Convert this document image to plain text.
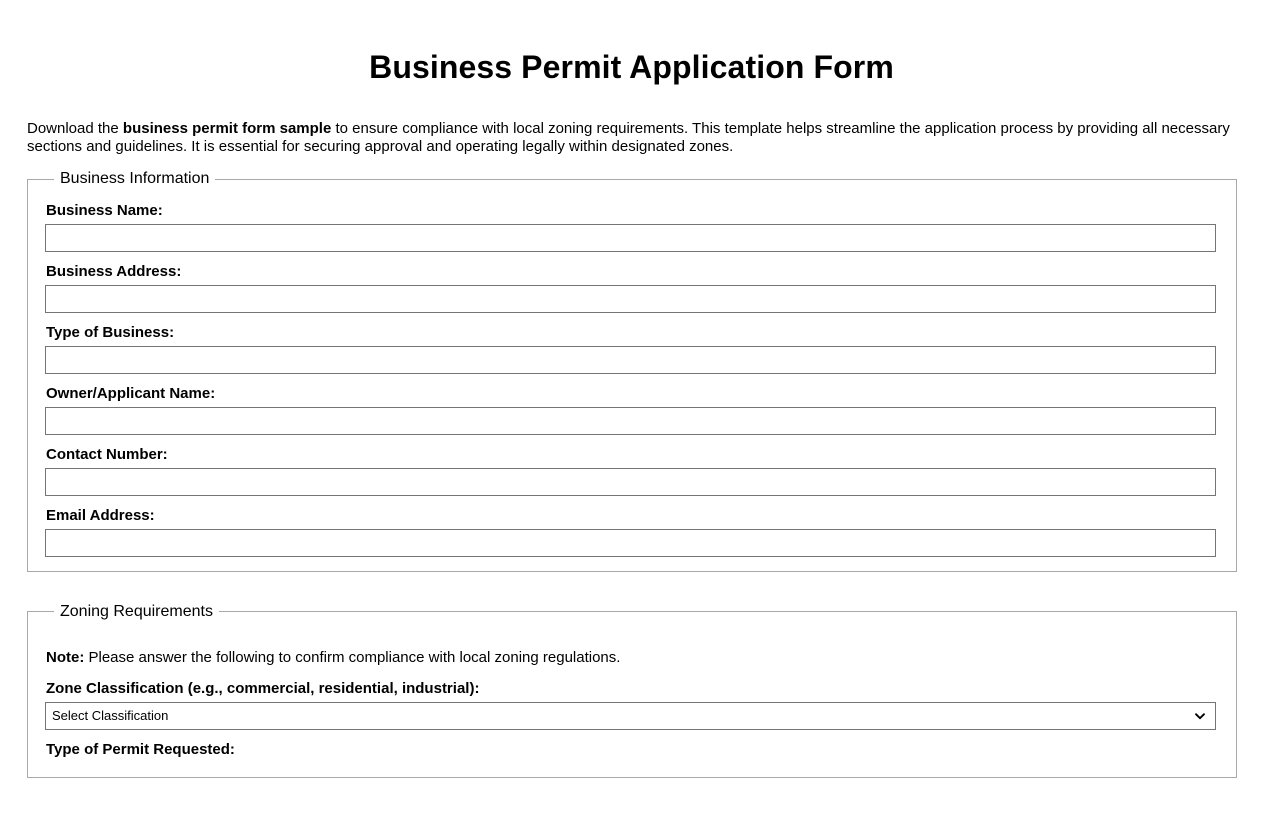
Business Permit Application Form

Download the business permit form sample to ensure compliance with local zoning requirements. This template helps streamline the application process by providing all necessary sections and guidelines. It is essential for securing approval and operating legally within designated zones.

Business Information
Business Name:
Business Address:
Type of Business:
Owner/Applicant Name:
Contact Number:
Email Address:
Zoning Requirements

Note: Please answer the following to confirm compliance with local zoning regulations.

Zone Classification (e.g., commercial, residential, industrial):
Select Classification
Type of Permit Requested:
